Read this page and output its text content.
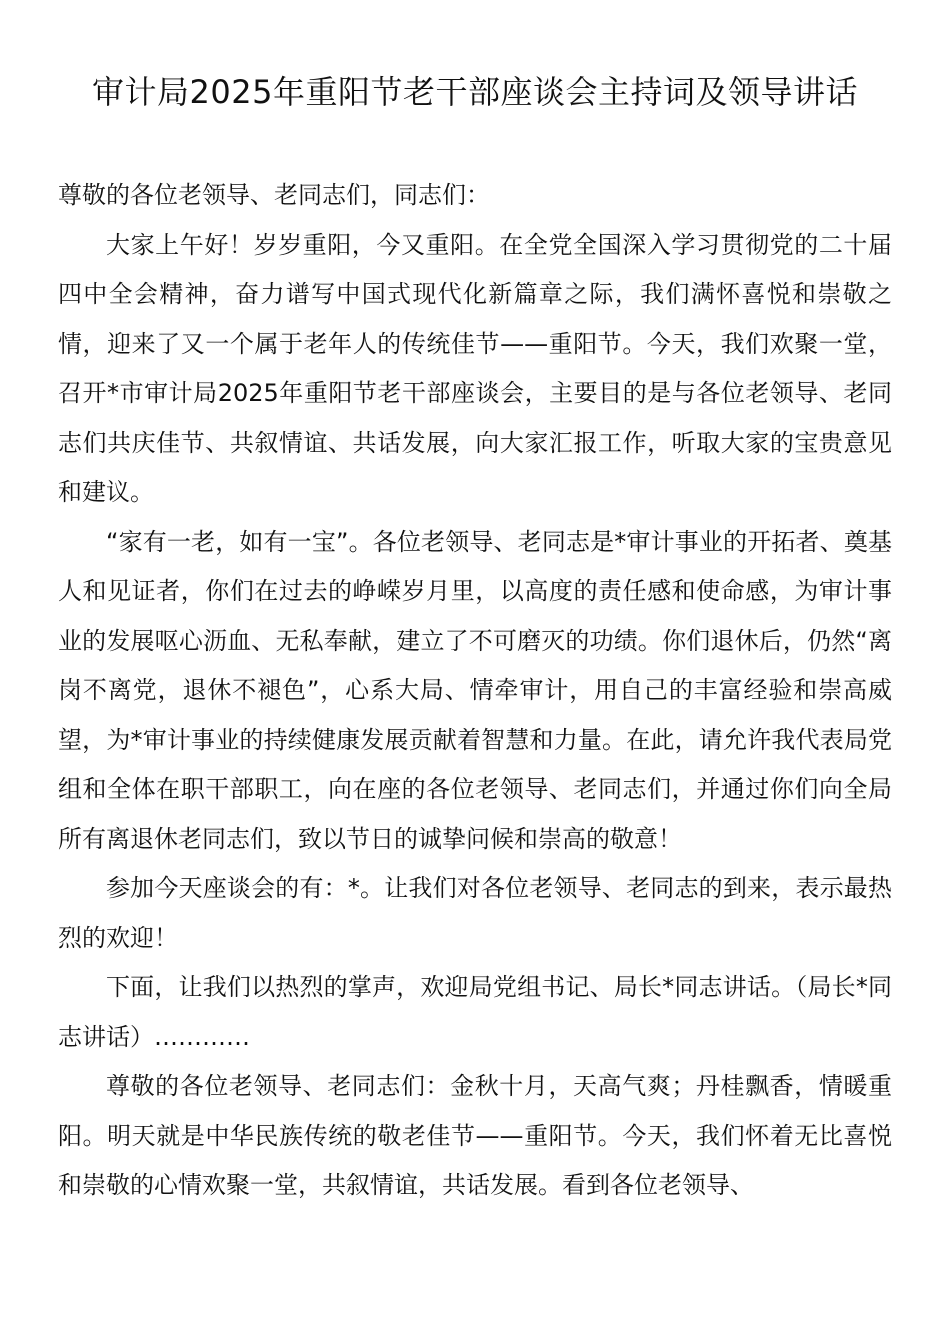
审计局2025年重阳节老干部座谈会主持词及领导讲话

尊敬的各位老领导、老同志们，同志们：

大家上午好！岁岁重阳，今又重阳。在全党全国深入学习贯彻党的二十届四中全会精神，奋力谱写中国式现代化新篇章之际，我们满怀喜悦和崇敬之情，迎来了又一个属于老年人的传统佳节——重阳节。今天，我们欢聚一堂，召开*市审计局2025年重阳节老干部座谈会，主要目的是与各位老领导、老同志们共庆佳节、共叙情谊、共话发展，向大家汇报工作，听取大家的宝贵意见和建议。

“家有一老，如有一宝”。各位老领导、老同志是*审计事业的开拓者、奠基人和见证者，你们在过去的峥嵘岁月里，以高度的责任感和使命感，为审计事业的发展呕心沥血、无私奉献，建立了不可磨灭的功绩。你们退休后，仍然“离岗不离党，退休不褪色”，心系大局、情牵审计，用自己的丰富经验和崇高威望，为*审计事业的持续健康发展贡献着智慧和力量。在此，请允许我代表局党组和全体在职干部职工，向在座的各位老领导、老同志们，并通过你们向全局所有离退休老同志们，致以节日的诚挚问候和崇高的敬意！

参加今天座谈会的有：*。让我们对各位老领导、老同志的到来，表示最热烈的欢迎！

下面，让我们以热烈的掌声，欢迎局党组书记、局长*同志讲话。（局长*同志讲话）…………

尊敬的各位老领导、老同志们：金秋十月，天高气爽；丹桂飘香，情暖重阳。明天就是中华民族传统的敬老佳节——重阳节。今天，我们怀着无比喜悦和崇敬的心情欢聚一堂，共叙情谊，共话发展。看到各位老领导、
